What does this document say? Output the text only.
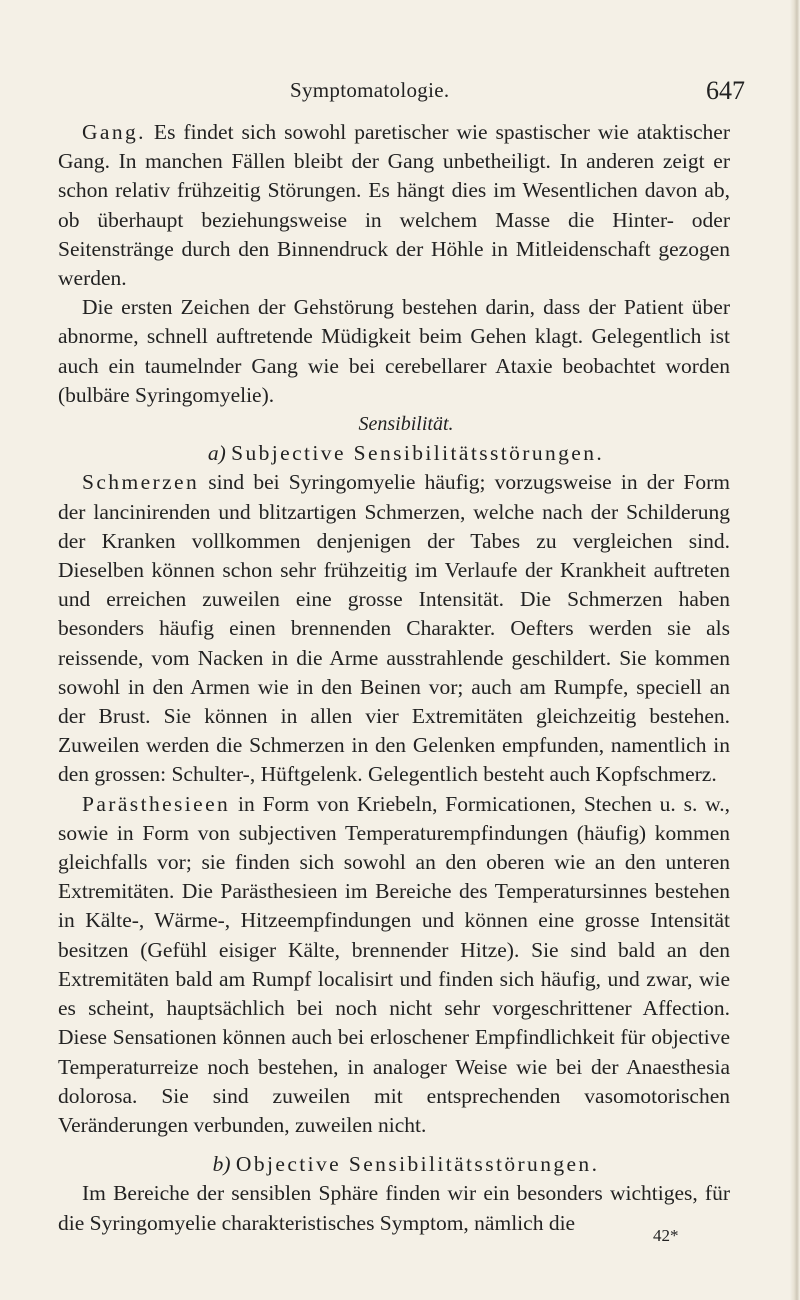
Symptomatologie.	647

Gang. Es findet sich sowohl paretischer wie spastischer wie ataktischer Gang. In manchen Fällen bleibt der Gang unbetheiligt. In anderen zeigt er schon relativ frühzeitig Störungen. Es hängt dies im Wesentlichen davon ab, ob überhaupt beziehungsweise in welchem Masse die Hinter- oder Seitenstränge durch den Binnendruck der Höhle in Mitleidenschaft gezogen werden.

Die ersten Zeichen der Gehstörung bestehen darin, dass der Patient über abnorme, schnell auftretende Müdigkeit beim Gehen klagt. Gelegentlich ist auch ein taumelnder Gang wie bei cerebellarer Ataxie beobachtet worden (bulbäre Syringomyelie).

Sensibilität.

a) Subjective Sensibilitätsstörungen.

Schmerzen sind bei Syringomyelie häufig; vorzugsweise in der Form der lancinirenden und blitzartigen Schmerzen, welche nach der Schilderung der Kranken vollkommen denjenigen der Tabes zu vergleichen sind. Dieselben können schon sehr frühzeitig im Verlaufe der Krankheit auftreten und erreichen zuweilen eine grosse Intensität. Die Schmerzen haben besonders häufig einen brennenden Charakter. Oefters werden sie als reissende, vom Nacken in die Arme ausstrahlende geschildert. Sie kommen sowohl in den Armen wie in den Beinen vor; auch am Rumpfe, speciell an der Brust. Sie können in allen vier Extremitäten gleichzeitig bestehen. Zuweilen werden die Schmerzen in den Gelenken empfunden, namentlich in den grossen: Schulter-, Hüftgelenk. Gelegentlich besteht auch Kopfschmerz.

Parästhesieen in Form von Kriebeln, Formicationen, Stechen u. s. w., sowie in Form von subjectiven Temperaturempfindungen (häufig) kommen gleichfalls vor; sie finden sich sowohl an den oberen wie an den unteren Extremitäten. Die Parästhesieen im Bereiche des Temperatursinnes bestehen in Kälte-, Wärme-, Hitzeempfindungen und können eine grosse Intensität besitzen (Gefühl eisiger Kälte, brennender Hitze). Sie sind bald an den Extremitäten bald am Rumpf localisirt und finden sich häufig, und zwar, wie es scheint, hauptsächlich bei noch nicht sehr vorgeschrittener Affection. Diese Sensationen können auch bei erloschener Empfindlichkeit für objective Temperaturreize noch bestehen, in analoger Weise wie bei der Anaesthesia dolorosa. Sie sind zuweilen mit entsprechenden vasomotorischen Veränderungen verbunden, zuweilen nicht.

b) Objective Sensibilitätsstörungen.

Im Bereiche der sensiblen Sphäre finden wir ein besonders wichtiges, für die Syringomyelie charakteristisches Symptom, nämlich die

42*
